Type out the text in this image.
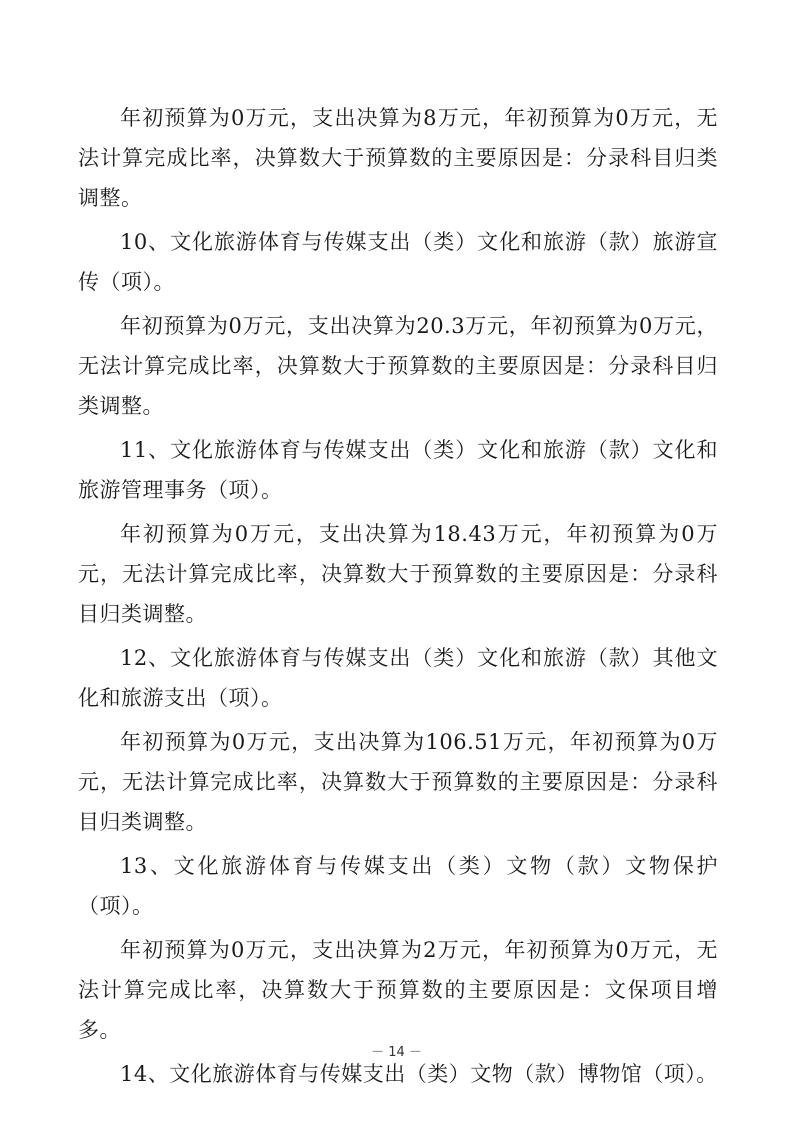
年初预算为0万元，支出决算为8万元，年初预算为0万元，无法计算完成比率，决算数大于预算数的主要原因是：分录科目归类调整。

10、文化旅游体育与传媒支出（类）文化和旅游（款）旅游宣传（项）。

年初预算为0万元，支出决算为20.3万元，年初预算为0万元，无法计算完成比率，决算数大于预算数的主要原因是：分录科目归类调整。

11、文化旅游体育与传媒支出（类）文化和旅游（款）文化和旅游管理事务（项）。

年初预算为0万元，支出决算为18.43万元，年初预算为0万元，无法计算完成比率，决算数大于预算数的主要原因是：分录科目归类调整。

12、文化旅游体育与传媒支出（类）文化和旅游（款）其他文化和旅游支出（项）。

年初预算为0万元，支出决算为106.51万元，年初预算为0万元，无法计算完成比率，决算数大于预算数的主要原因是：分录科目归类调整。

13、文化旅游体育与传媒支出（类）文物（款）文物保护（项）。

年初预算为0万元，支出决算为2万元，年初预算为0万元，无法计算完成比率，决算数大于预算数的主要原因是：文保项目增多。

14、文化旅游体育与传媒支出（类）文物（款）博物馆（项）。

－ 14 －
